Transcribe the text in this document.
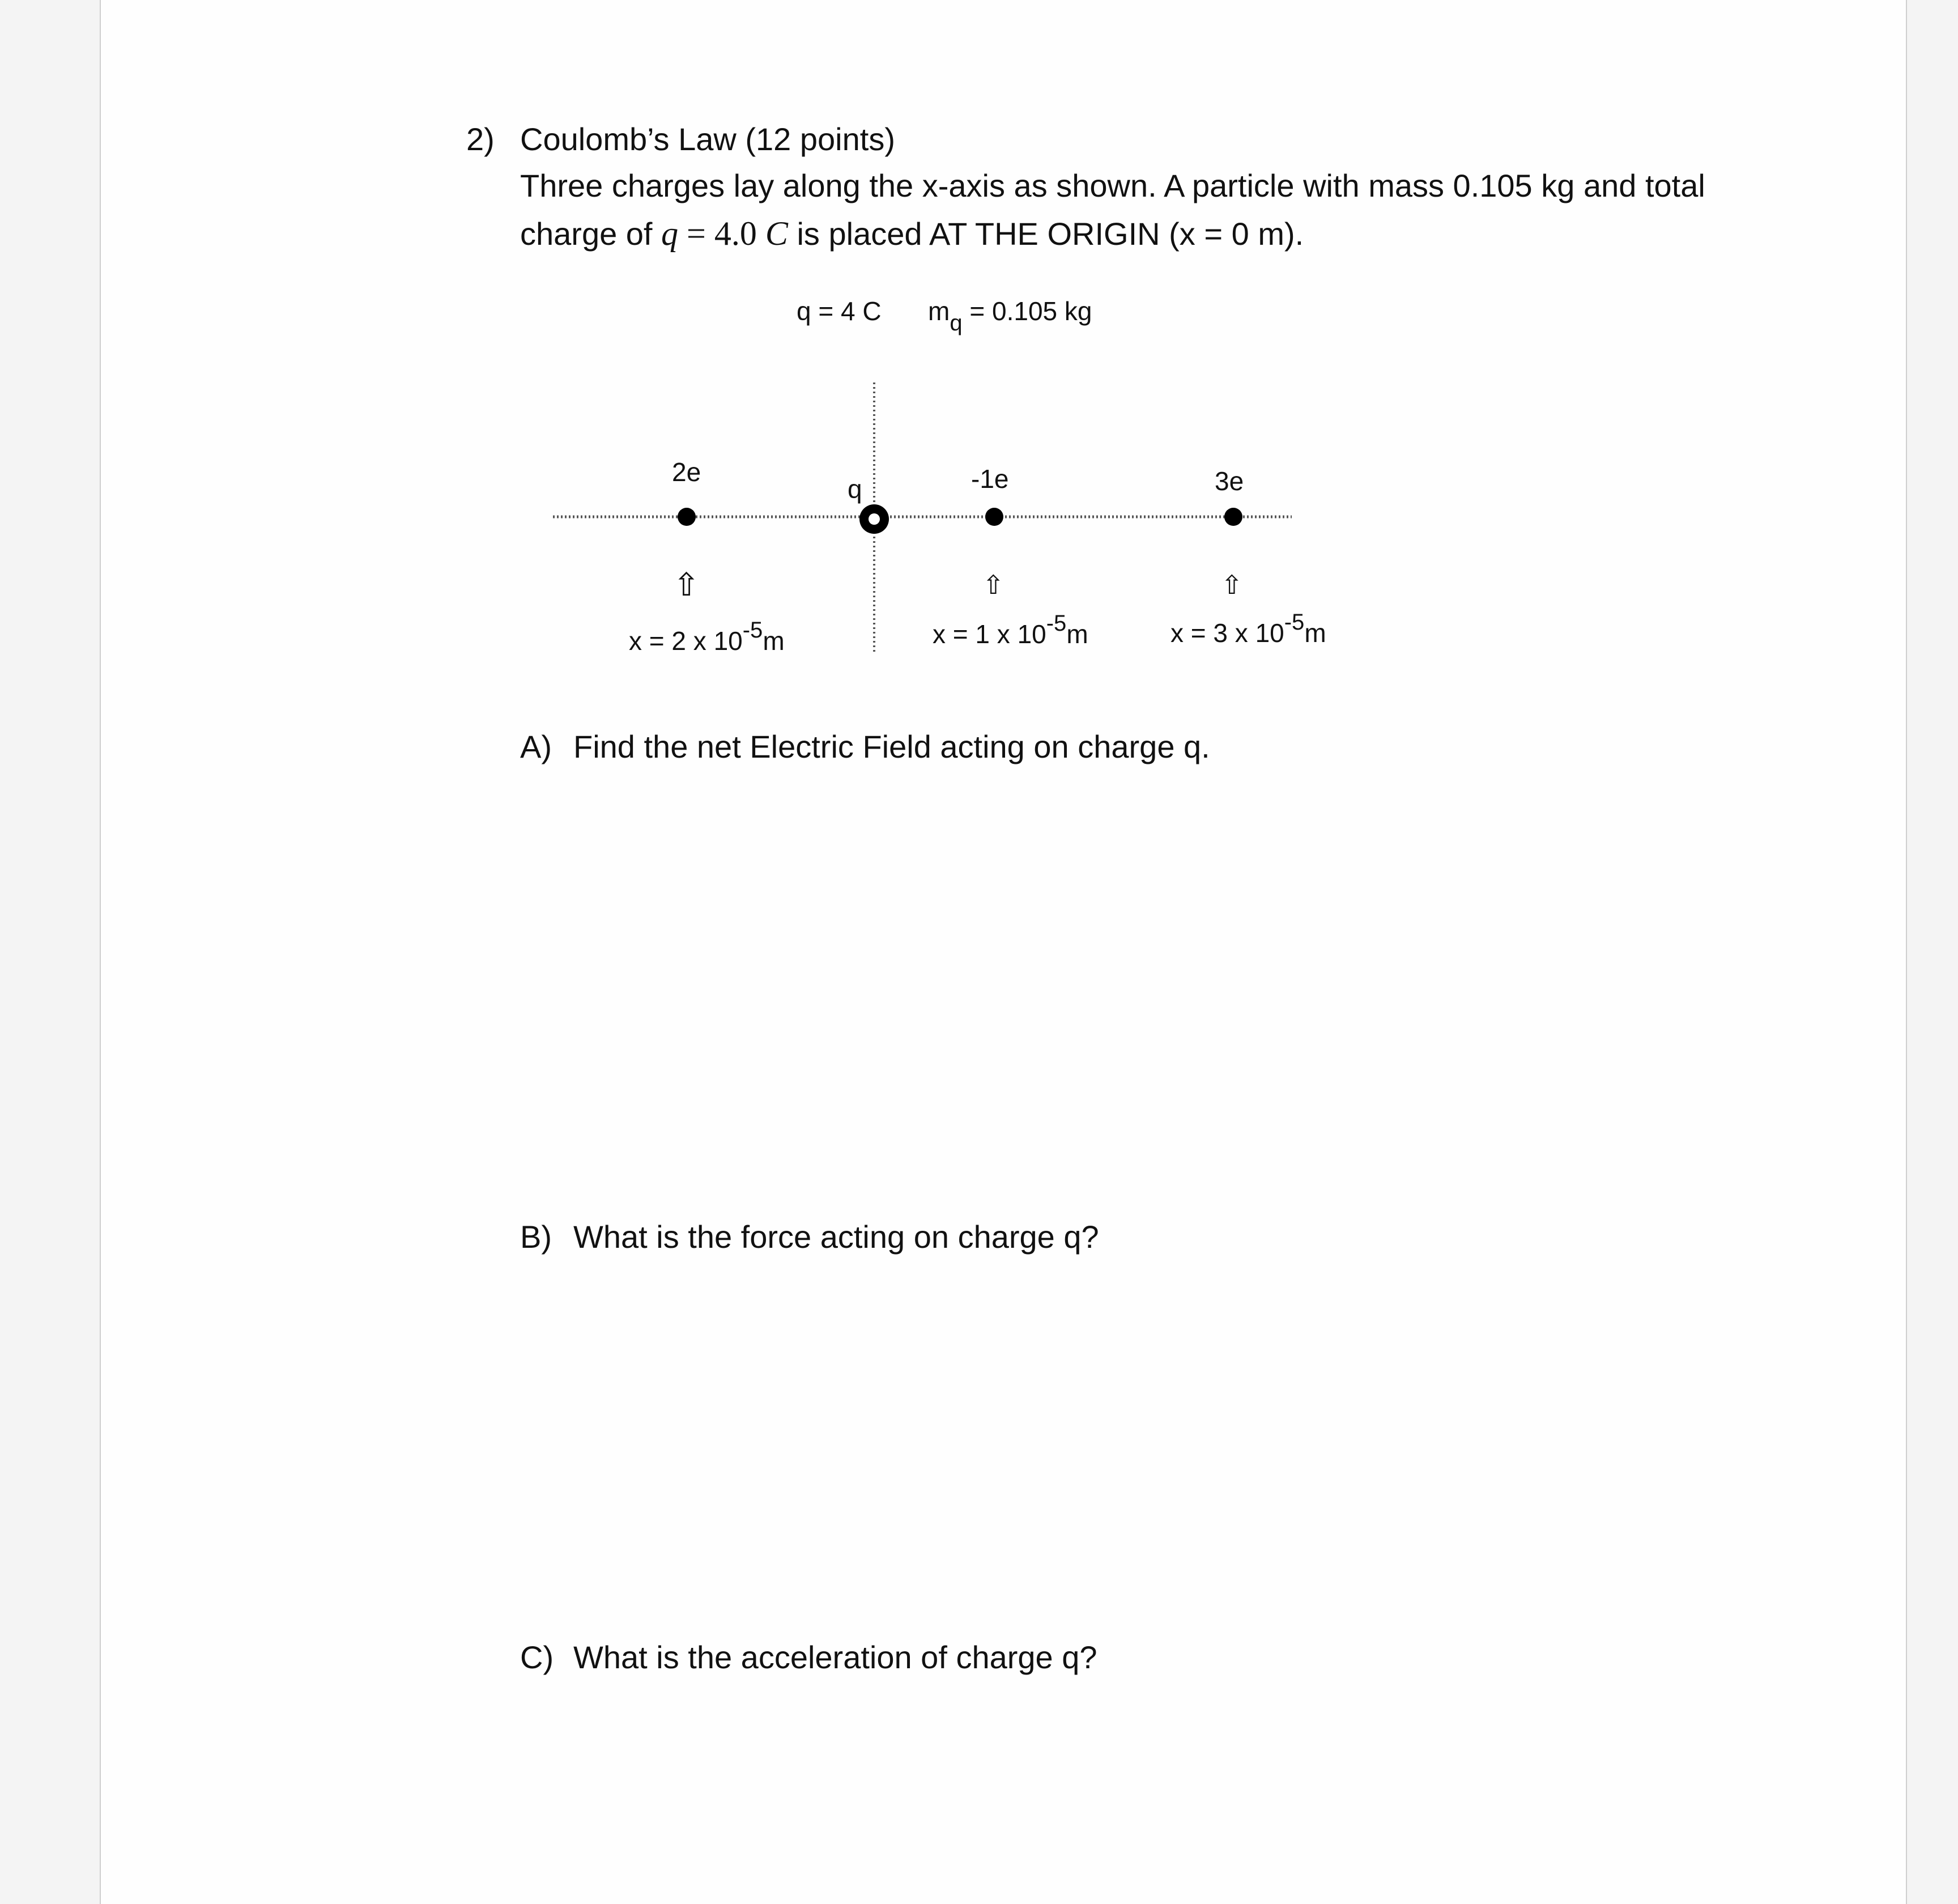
2) Coulomb’s Law (12 points)
Three charges lay along the x-axis as shown. A particle with mass 0.105 kg and total
charge of q = 4.0 C is placed AT THE ORIGIN (x = 0 m).
q = 4 C mq = 0.105 kg
2e
q	-1e	3e
⇧	⇧	⇧
x = 2 x $10^{-5}m$	x = 1 x $10^{-5}m$	x = 3 x $10^{-5}m$
A) Find the net Electric Field acting on charge q.
B) What is the force acting on charge q?
C) What is the acceleration of charge q?
